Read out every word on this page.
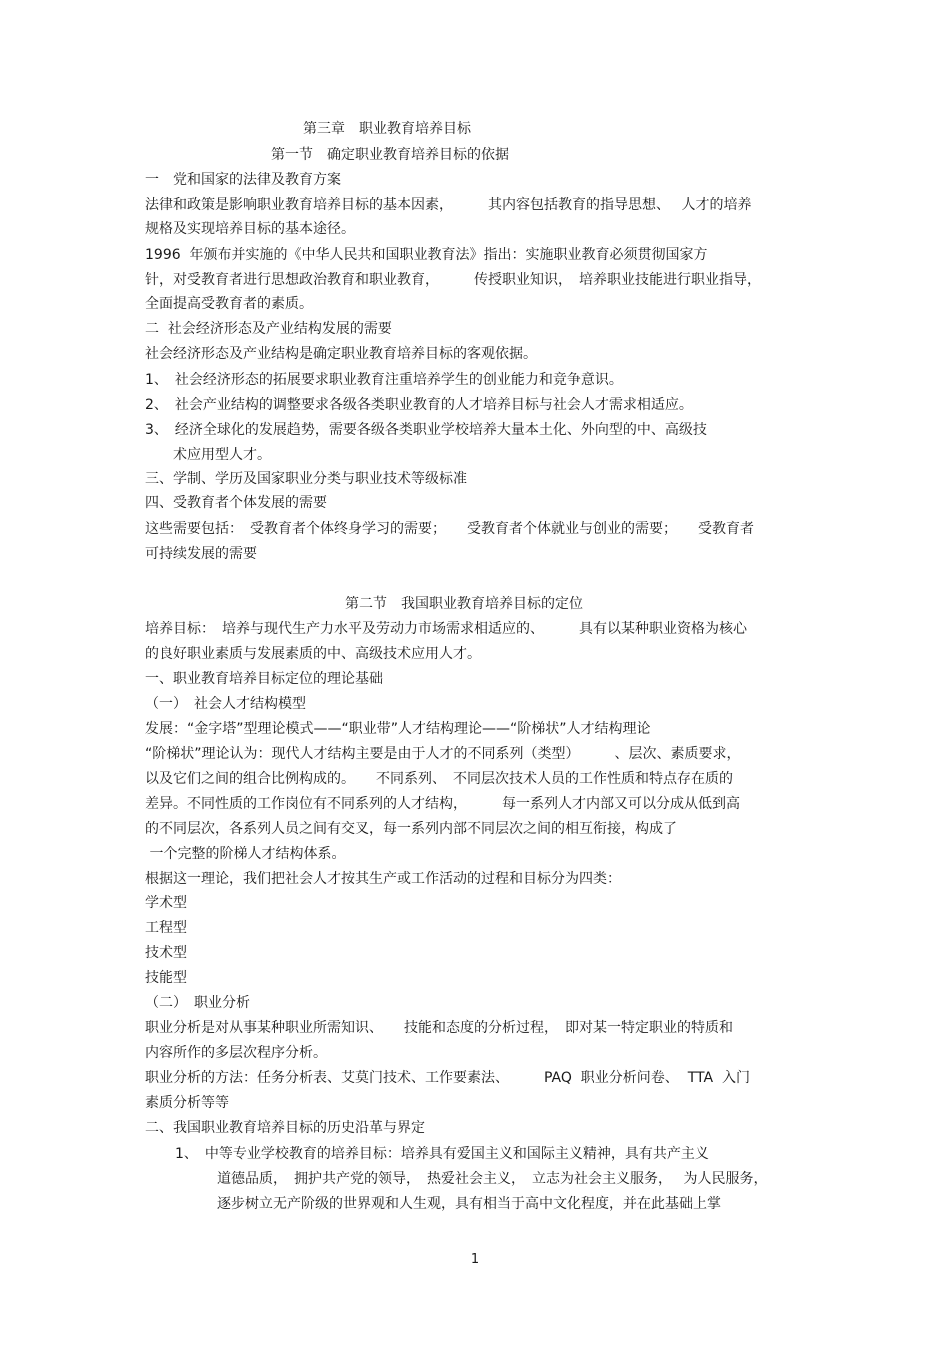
第三章　职业教育培养目标
第一节　确定职业教育培养目标的依据
一　党和国家的法律及教育方案
法律和政策是影响职业教育培养目标的基本因素，　　　其内容包括教育的指导思想、　 人才的培养
规格及实现培养目标的基本途径。
1996  年颁布并实施的《中华人民共和国职业教育法》指出：实施职业教育必须贯彻国家方
针，对受教育者进行思想政治教育和职业教育，　　　传授职业知识，　培养职业技能进行职业指导，
全面提高受教育者的素质。
二  社会经济形态及产业结构发展的需要
社会经济形态及产业结构是确定职业教育培养目标的客观依据。
1、　社会经济形态的拓展要求职业教育注重培养学生的创业能力和竞争意识。
2、　社会产业结构的调整要求各级各类职业教育的人才培养目标与社会人才需求相适应。
3、　经济全球化的发展趋势，需要各级各类职业学校培养大量本土化、外向型的中、高级技
　　术应用型人才。
三、学制、学历及国家职业分类与职业技术等级标准
四、受教育者个体发展的需要
这些需要包括：　受教育者个体终身学习的需要；　　受教育者个体就业与创业的需要；　　受教育者
可持续发展的需要
第二节　我国职业教育培养目标的定位
培养目标：　培养与现代生产力水平及劳动力市场需求相适应的、　　　具有以某种职业资格为核心
的良好职业素质与发展素质的中、高级技术应用人才。
一、职业教育培养目标定位的理论基础
（一）　社会人才结构模型
发展：“金字塔”型理论模式——“职业带”人才结构理论——“阶梯状”人才结构理论
“阶梯状”理论认为：现代人才结构主要是由于人才的不同系列（类型）　　　、层次、素质要求，
以及它们之间的组合比例构成的。　　不同系列、　不同层次技术人员的工作性质和特点存在质的
差异。不同性质的工作岗位有不同系列的人才结构，　　　每一系列人才内部又可以分成从低到高
的不同层次，各系列人员之间有交叉，每一系列内部不同层次之间的相互衔接，构成了
一个完整的阶梯人才结构体系。
根据这一理论，我们把社会人才按其生产或工作活动的过程和目标分为四类：
学术型
工程型
技术型
技能型
（二）　职业分析
职业分析是对从事某种职业所需知识、　　技能和态度的分析过程，　即对某一特定职业的特质和
内容所作的多层次程序分析。
职业分析的方法：任务分析表、艾莫门技术、工作要素法、　　　PAQ  职业分析问卷、  TTA  入门
素质分析等等
二、我国职业教育培养目标的历史沿革与界定
1、　中等专业学校教育的培养目标：培养具有爱国主义和国际主义精神，具有共产主义
　　　道德品质，　拥护共产党的领导，　热爱社会主义，　立志为社会主义服务，　 为人民服务，
　　　逐步树立无产阶级的世界观和人生观，具有相当于高中文化程度，并在此基础上掌
1
